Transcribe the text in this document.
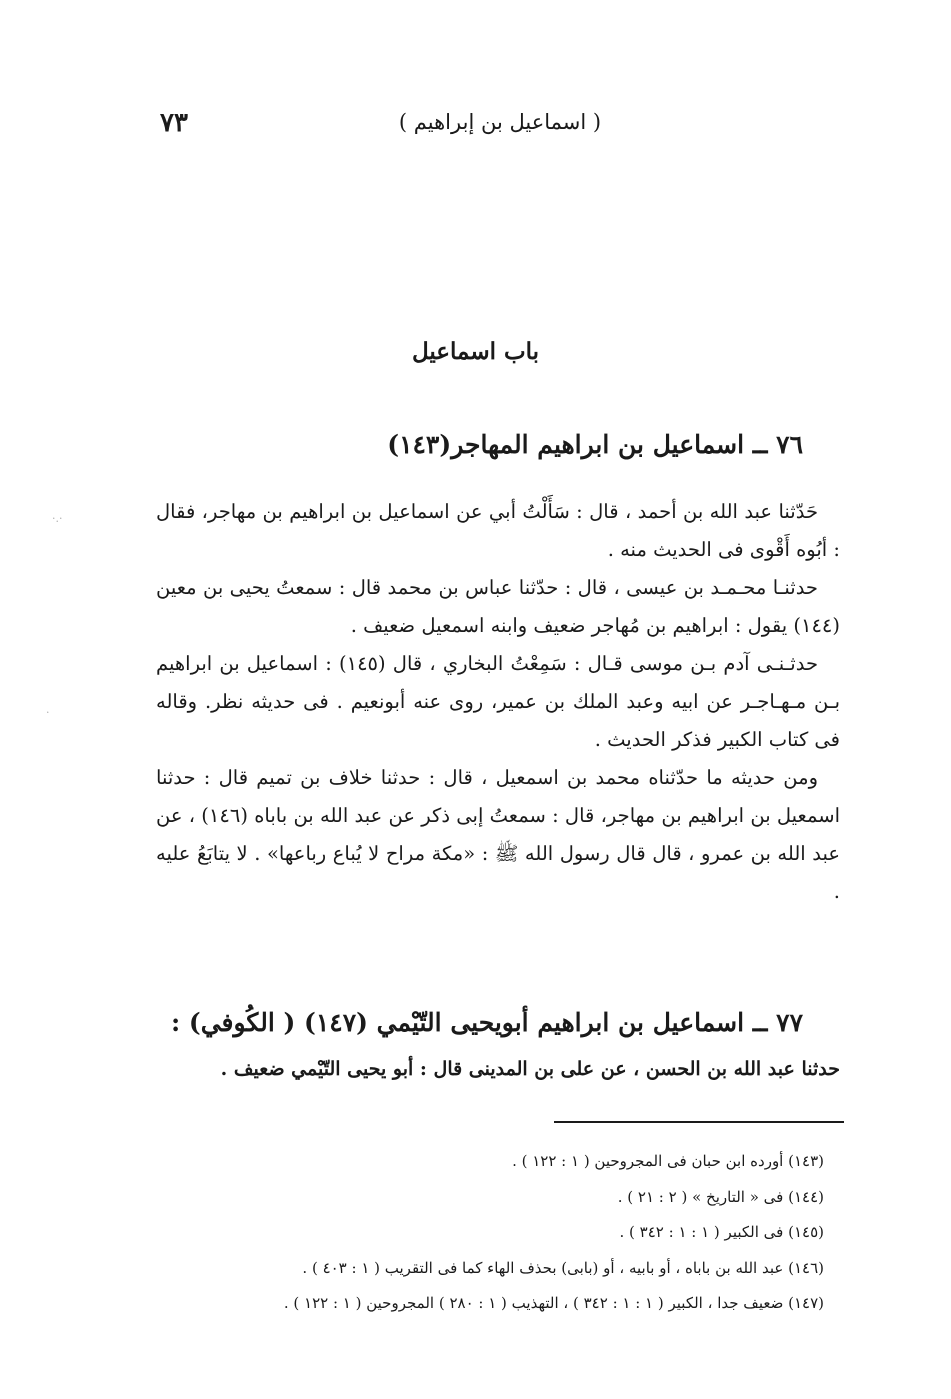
٧٣	( اسماعيل بن إبراهيم )
باب اسماعيل
٧٦ ــ اسماعيل بن ابراهيم المهاجر(١٤٣)

حَدّثنا عبد الله بن أحمد ، قال : سَأَلْتُ أبي عن اسماعيل بن ابراهيم بن مهاجر، فقال : أبُوه أَقْوى فى الحديث منه .

حدثنـا محـمـد بن عيسى ، قال : حدّثنا عباس بن محمد قال : سمعتُ يحيى بن معين (١٤٤) يقول : ابراهيم بن مُهاجر ضعيف وابنه اسمعيل ضعيف .

حدثـنـى آدم بـن موسى قـال : سَمِعْتُ البخاري ، قال (١٤٥) : اسماعيل بن ابراهيم بـن مـهـاجـر عن ابيه وعبد الملك بن عمير، روى عنه أبونعيم . فى حديثه نظر. وقاله فى كتاب الكبير فذكر الحديث .

ومن حديثه ما حدّثناه محمد بن اسمعيل ، قال : حدثنا خلاف بن تميم قال : حدثنا اسمعيل بن ابراهيم بن مهاجر، قال : سمعتُ إبى ذكر عن عبد الله بن باباه (١٤٦) ، عن عبد الله بن عمرو ، قال قال رسول الله ﷺ : «مكة مراح لا يُباع رباعها» . لا يتابَعُ عليه .

٧٧ ــ اسماعيل بن ابراهيم أبويحيى التّيْمي (١٤٧) ( الكُوفي) :

حدثنا عبد الله بن الحسن ، عن على بن المدينى قال : أبو يحيى التّيْمي ضعيف .

(١٤٣) أورده ابن حبان فى المجروحين ( ١ : ١٢٢ ) .

(١٤٤) فى « التاريخ » ( ٢ : ٢١ ) .

(١٤٥) فى الكبير ( ١ : ١ : ٣٤٢ ) .

(١٤٦) عبد الله بن باباه ، أو بابيه ، أو (بابى) بحذف الهاء كما فى التقريب ( ١ : ٤٠٣ ) .

(١٤٧) ضعيف جدا ، الكبير ( ١ : ١ : ٣٤٢ ) ، التهذيب ( ١ : ٢٨٠ ) المجروحين ( ١ : ١٢٢ ) .

·.·
·
